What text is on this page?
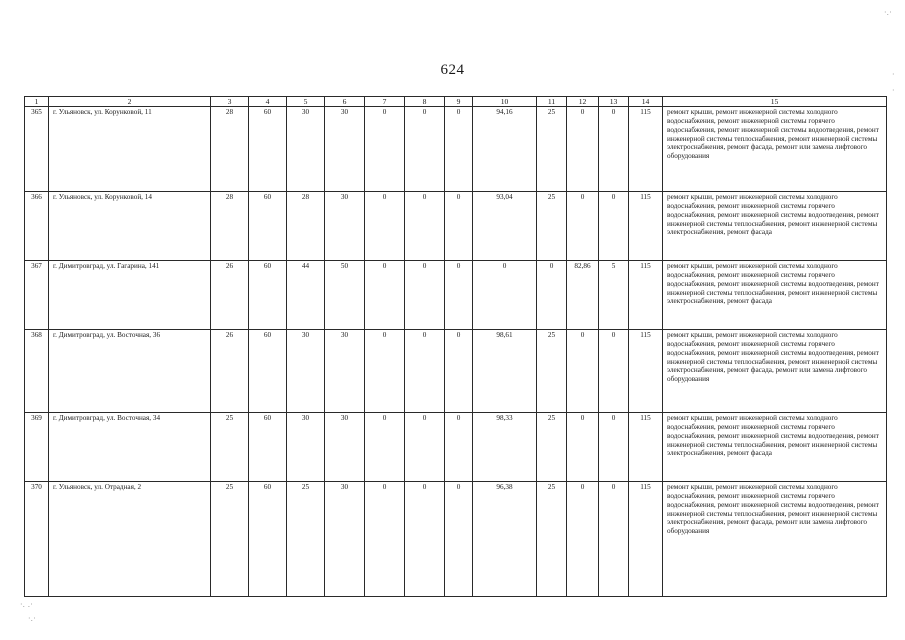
·.·
·
·
·. .·
·.·
624
1	2	3	4	5	6	7	8	9	10	11	12	13	14	15
365	г. Ульяновск, ул. Корунковой, 11	28	60	30	30	0	0	0	94,16	25	0	0	115	ремонт крыши, ремонт инженерной системы холодного водоснабжения, ремонт инженерной системы горячего водоснабжения, ремонт инженерной системы водоотведения, ремонт инженерной системы теплоснабжения, ремонт инженерной системы электроснабжения, ремонт фасада, ремонт или замена лифтового оборудования
366	г. Ульяновск, ул. Корунковой, 14	28	60	28	30	0	0	0	93,04	25	0	0	115	ремонт крыши, ремонт инженерной системы холодного водоснабжения, ремонт инженерной системы горячего водоснабжения, ремонт инженерной системы водоотведения, ремонт инженерной системы теплоснабжения, ремонт инженерной системы электроснабжения, ремонт фасада
367	г. Димитровград, ул. Гагарина, 141	26	60	44	50	0	0	0	0	0	82,86	5	115	ремонт крыши, ремонт инженерной системы холодного водоснабжения, ремонт инженерной системы горячего водоснабжения, ремонт инженерной системы водоотведения, ремонт инженерной системы теплоснабжения, ремонт инженерной системы электроснабжения, ремонт фасада
368	г. Димитровград, ул. Восточная, 36	26	60	30	30	0	0	0	98,61	25	0	0	115	ремонт крыши, ремонт инженерной системы холодного водоснабжения, ремонт инженерной системы горячего водоснабжения, ремонт инженерной системы водоотведения, ремонт инженерной системы теплоснабжения, ремонт инженерной системы электроснабжения, ремонт фасада, ремонт или замена лифтового оборудования
369	г. Димитровград, ул. Восточная, 34	25	60	30	30	0	0	0	98,33	25	0	0	115	ремонт крыши, ремонт инженерной системы холодного водоснабжения, ремонт инженерной системы горячего водоснабжения, ремонт инженерной системы водоотведения, ремонт инженерной системы теплоснабжения, ремонт инженерной системы электроснабжения, ремонт фасада
370	г. Ульяновск, ул. Отрадная, 2	25	60	25	30	0	0	0	96,38	25	0	0	115	ремонт крыши, ремонт инженерной системы холодного водоснабжения, ремонт инженерной системы горячего водоснабжения, ремонт инженерной системы водоотведения, ремонт инженерной системы теплоснабжения, ремонт инженерной системы электроснабжения, ремонт фасада, ремонт или замена лифтового оборудования
